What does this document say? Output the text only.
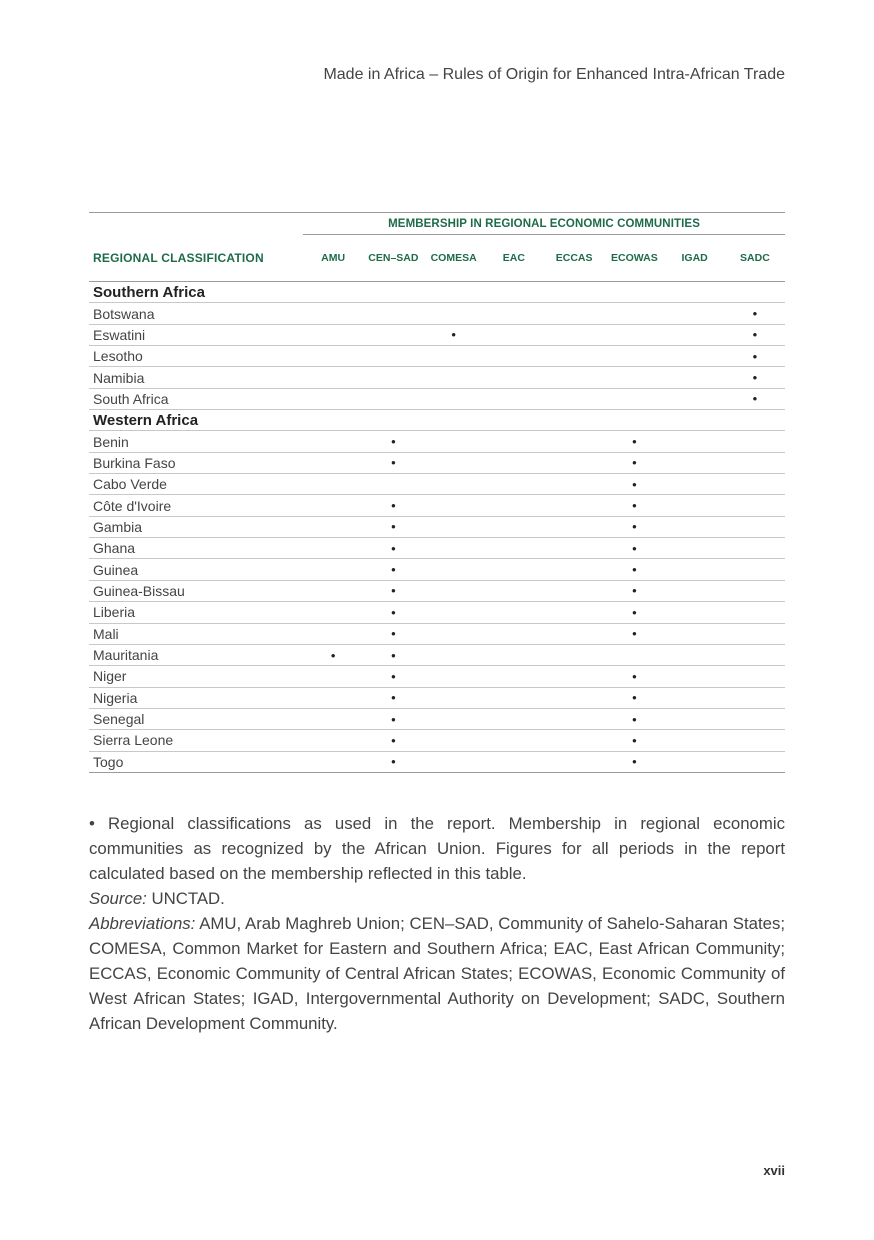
Made in Africa – Rules of Origin for Enhanced Intra-African Trade
	MEMBERSHIP IN REGIONAL ECONOMIC COMMUNITIES							
REGIONAL CLASSIFICATION	AMU	CEN–SAD	COMESA	EAC	ECCAS	ECOWAS	IGAD	SADC
Southern Africa								
Botswana								•
Eswatini			•					•
Lesotho								•
Namibia								•
South Africa								•
Western Africa								
Benin		•				•		
Burkina Faso		•				•		
Cabo Verde						•		
Côte d'Ivoire		•				•		
Gambia		•				•		
Ghana		•				•		
Guinea		•				•		
Guinea-Bissau		•				•		
Liberia		•				•		
Mali		•				•		
Mauritania	•	•						
Niger		•				•		
Nigeria		•				•		
Senegal		•				•		
Sierra Leone		•				•		
Togo		•				•		

• Regional classifications as used in the report. Membership in regional economic communities as recognized by the African Union. Figures for all periods in the report calculated based on the membership reflected in this table.

Source: UNCTAD.

Abbreviations: AMU, Arab Maghreb Union; CEN–SAD, Community of Sahelo-Saharan States; COMESA, Common Market for Eastern and Southern Africa; EAC, East African Community; ECCAS, Economic Community of Central African States; ECOWAS, Economic Community of West African States; IGAD, Intergovernmental Authority on Development; SADC, Southern African Development Community.

xvii
